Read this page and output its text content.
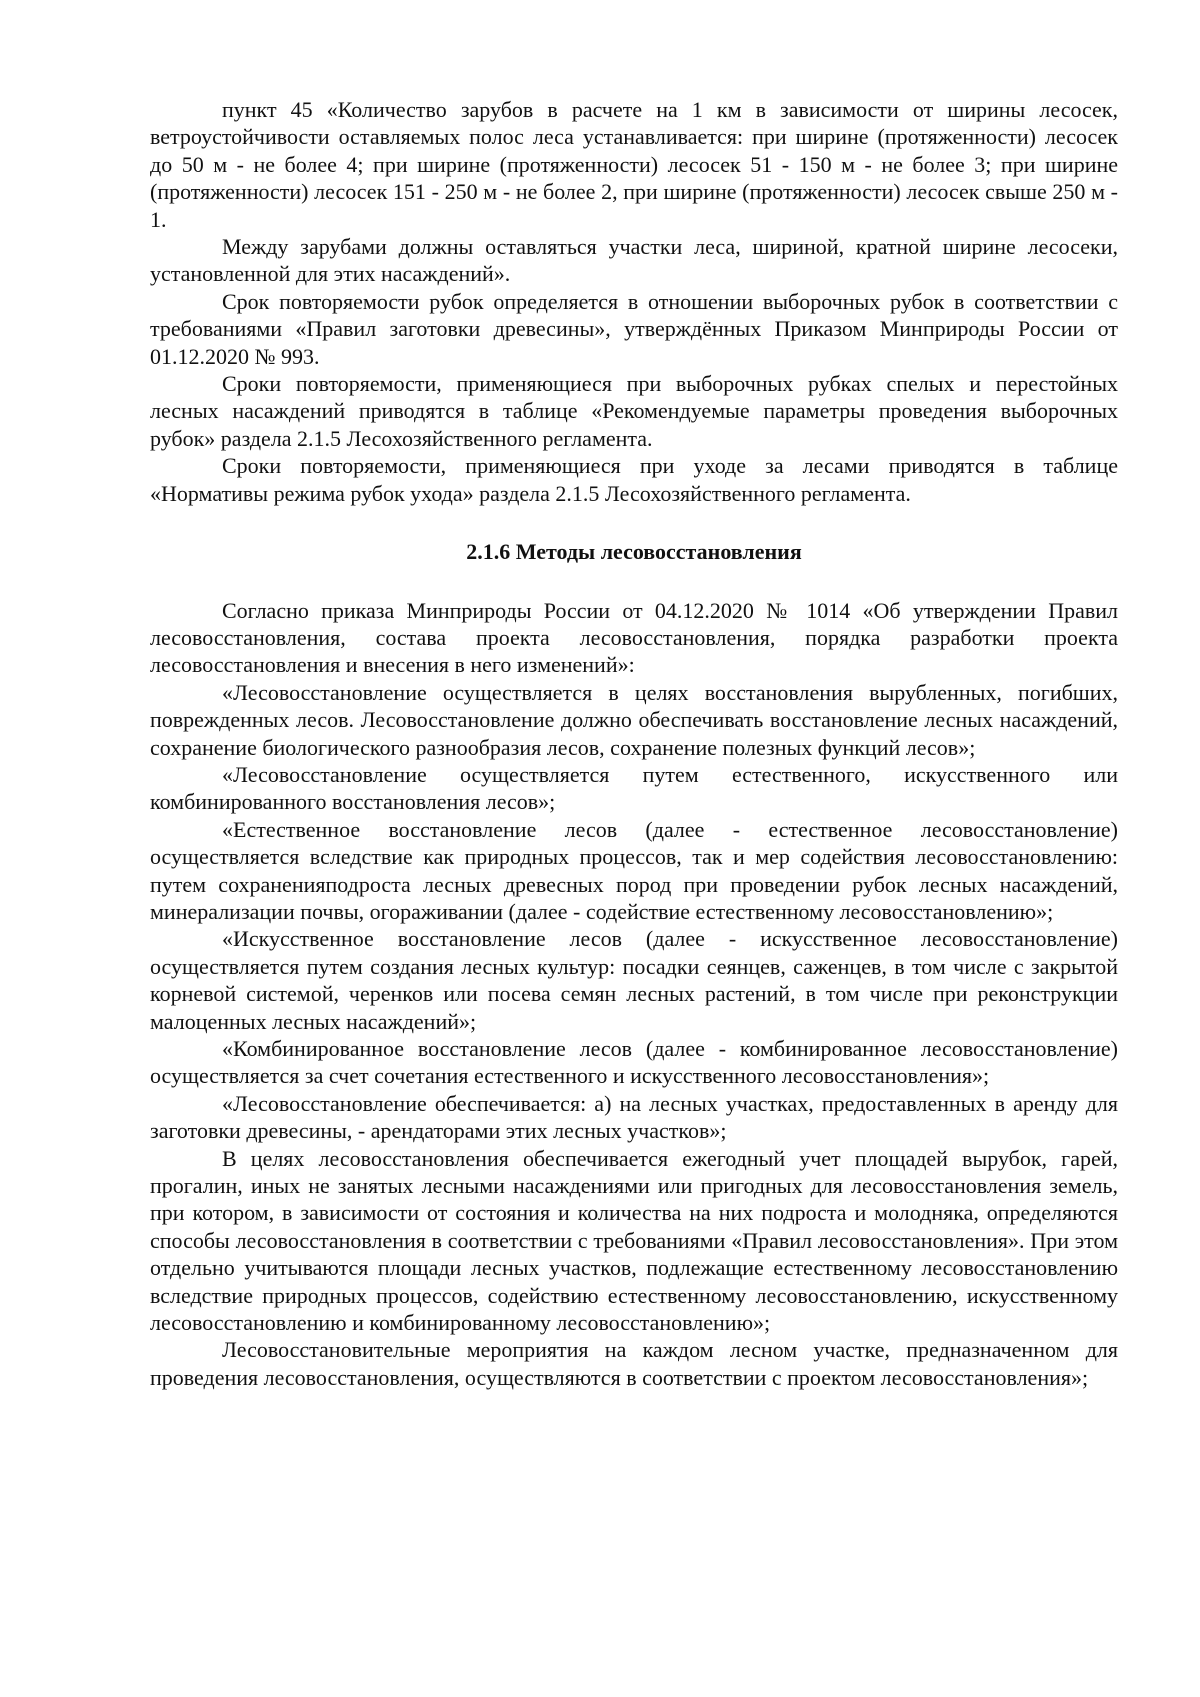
пункт 45 «Количество зарубов в расчете на 1 км в зависимости от ширины лесосек, ветроустойчивости оставляемых полос леса устанавливается: при ширине (протяженности) лесосек до 50 м - не более 4; при ширине (протяженности) лесосек 51 - 150 м - не более 3; при ширине (протяженности) лесосек 151 - 250 м - не более 2, при ширине (протяженности) лесосек свыше 250 м - 1.

Между зарубами должны оставляться участки леса, шириной, кратной ширине лесосеки, установленной для этих насаждений».

Срок повторяемости рубок определяется в отношении выборочных рубок в соответствии с требованиями «Правил заготовки древесины», утверждённых Приказом Минприроды России от 01.12.2020 № 993.

Сроки повторяемости, применяющиеся при выборочных рубках спелых и перестойных лесных насаждений приводятся в таблице «Рекомендуемые параметры проведения выборочных рубок» раздела 2.1.5 Лесохозяйственного регламента.

Сроки повторяемости, применяющиеся при уходе за лесами приводятся в таблице «Нормативы режима рубок ухода» раздела 2.1.5 Лесохозяйственного регламента.

2.1.6 Методы лесовосстановления

Согласно приказа Минприроды России от 04.12.2020 № 1014 «Об утверждении Правил лесовосстановления, состава проекта лесовосстановления, порядка разработки проекта лесовосстановления и внесения в него изменений»:

«Лесовосстановление осуществляется в целях восстановления вырубленных, погибших, поврежденных лесов. Лесовосстановление должно обеспечивать восстановление лесных насаждений, сохранение биологического разнообразия лесов, сохранение полезных функций лесов»;

«Лесовосстановление осуществляется путем естественного, искусственного или комбинированного восстановления лесов»;

«Естественное восстановление лесов (далее - естественное лесовосстановление) осуществляется вследствие как природных процессов, так и мер содействия лесовосстановлению: путем сохраненияподроста лесных древесных пород при проведении рубок лесных насаждений, минерализации почвы, огораживании (далее - содействие естественному лесовосстановлению»;

«Искусственное восстановление лесов (далее - искусственное лесовосстановление) осуществляется путем создания лесных культур: посадки сеянцев, саженцев, в том числе с закрытой корневой системой, черенков или посева семян лесных растений, в том числе при реконструкции малоценных лесных насаждений»;

«Комбинированное восстановление лесов (далее - комбинированное лесовосстановление) осуществляется за счет сочетания естественного и искусственного лесовосстановления»;

«Лесовосстановление обеспечивается: а) на лесных участках, предоставленных в аренду для заготовки древесины, - арендаторами этих лесных участков»;

В целях лесовосстановления обеспечивается ежегодный учет площадей вырубок, гарей, прогалин, иных не занятых лесными насаждениями или пригодных для лесовосстановления земель, при котором, в зависимости от состояния и количества на них подроста и молодняка, определяются способы лесовосстановления в соответствии с требованиями «Правил лесовосстановления». При этом отдельно учитываются площади лесных участков, подлежащие естественному лесовосстановлению вследствие природных процессов, содействию естественному лесовосстановлению, искусственному лесовосстановлению и комбинированному лесовосстановлению»;

Лесовосстановительные мероприятия на каждом лесном участке, предназначенном для проведения лесовосстановления, осуществляются в соответствии с проектом лесовосстановления»;
